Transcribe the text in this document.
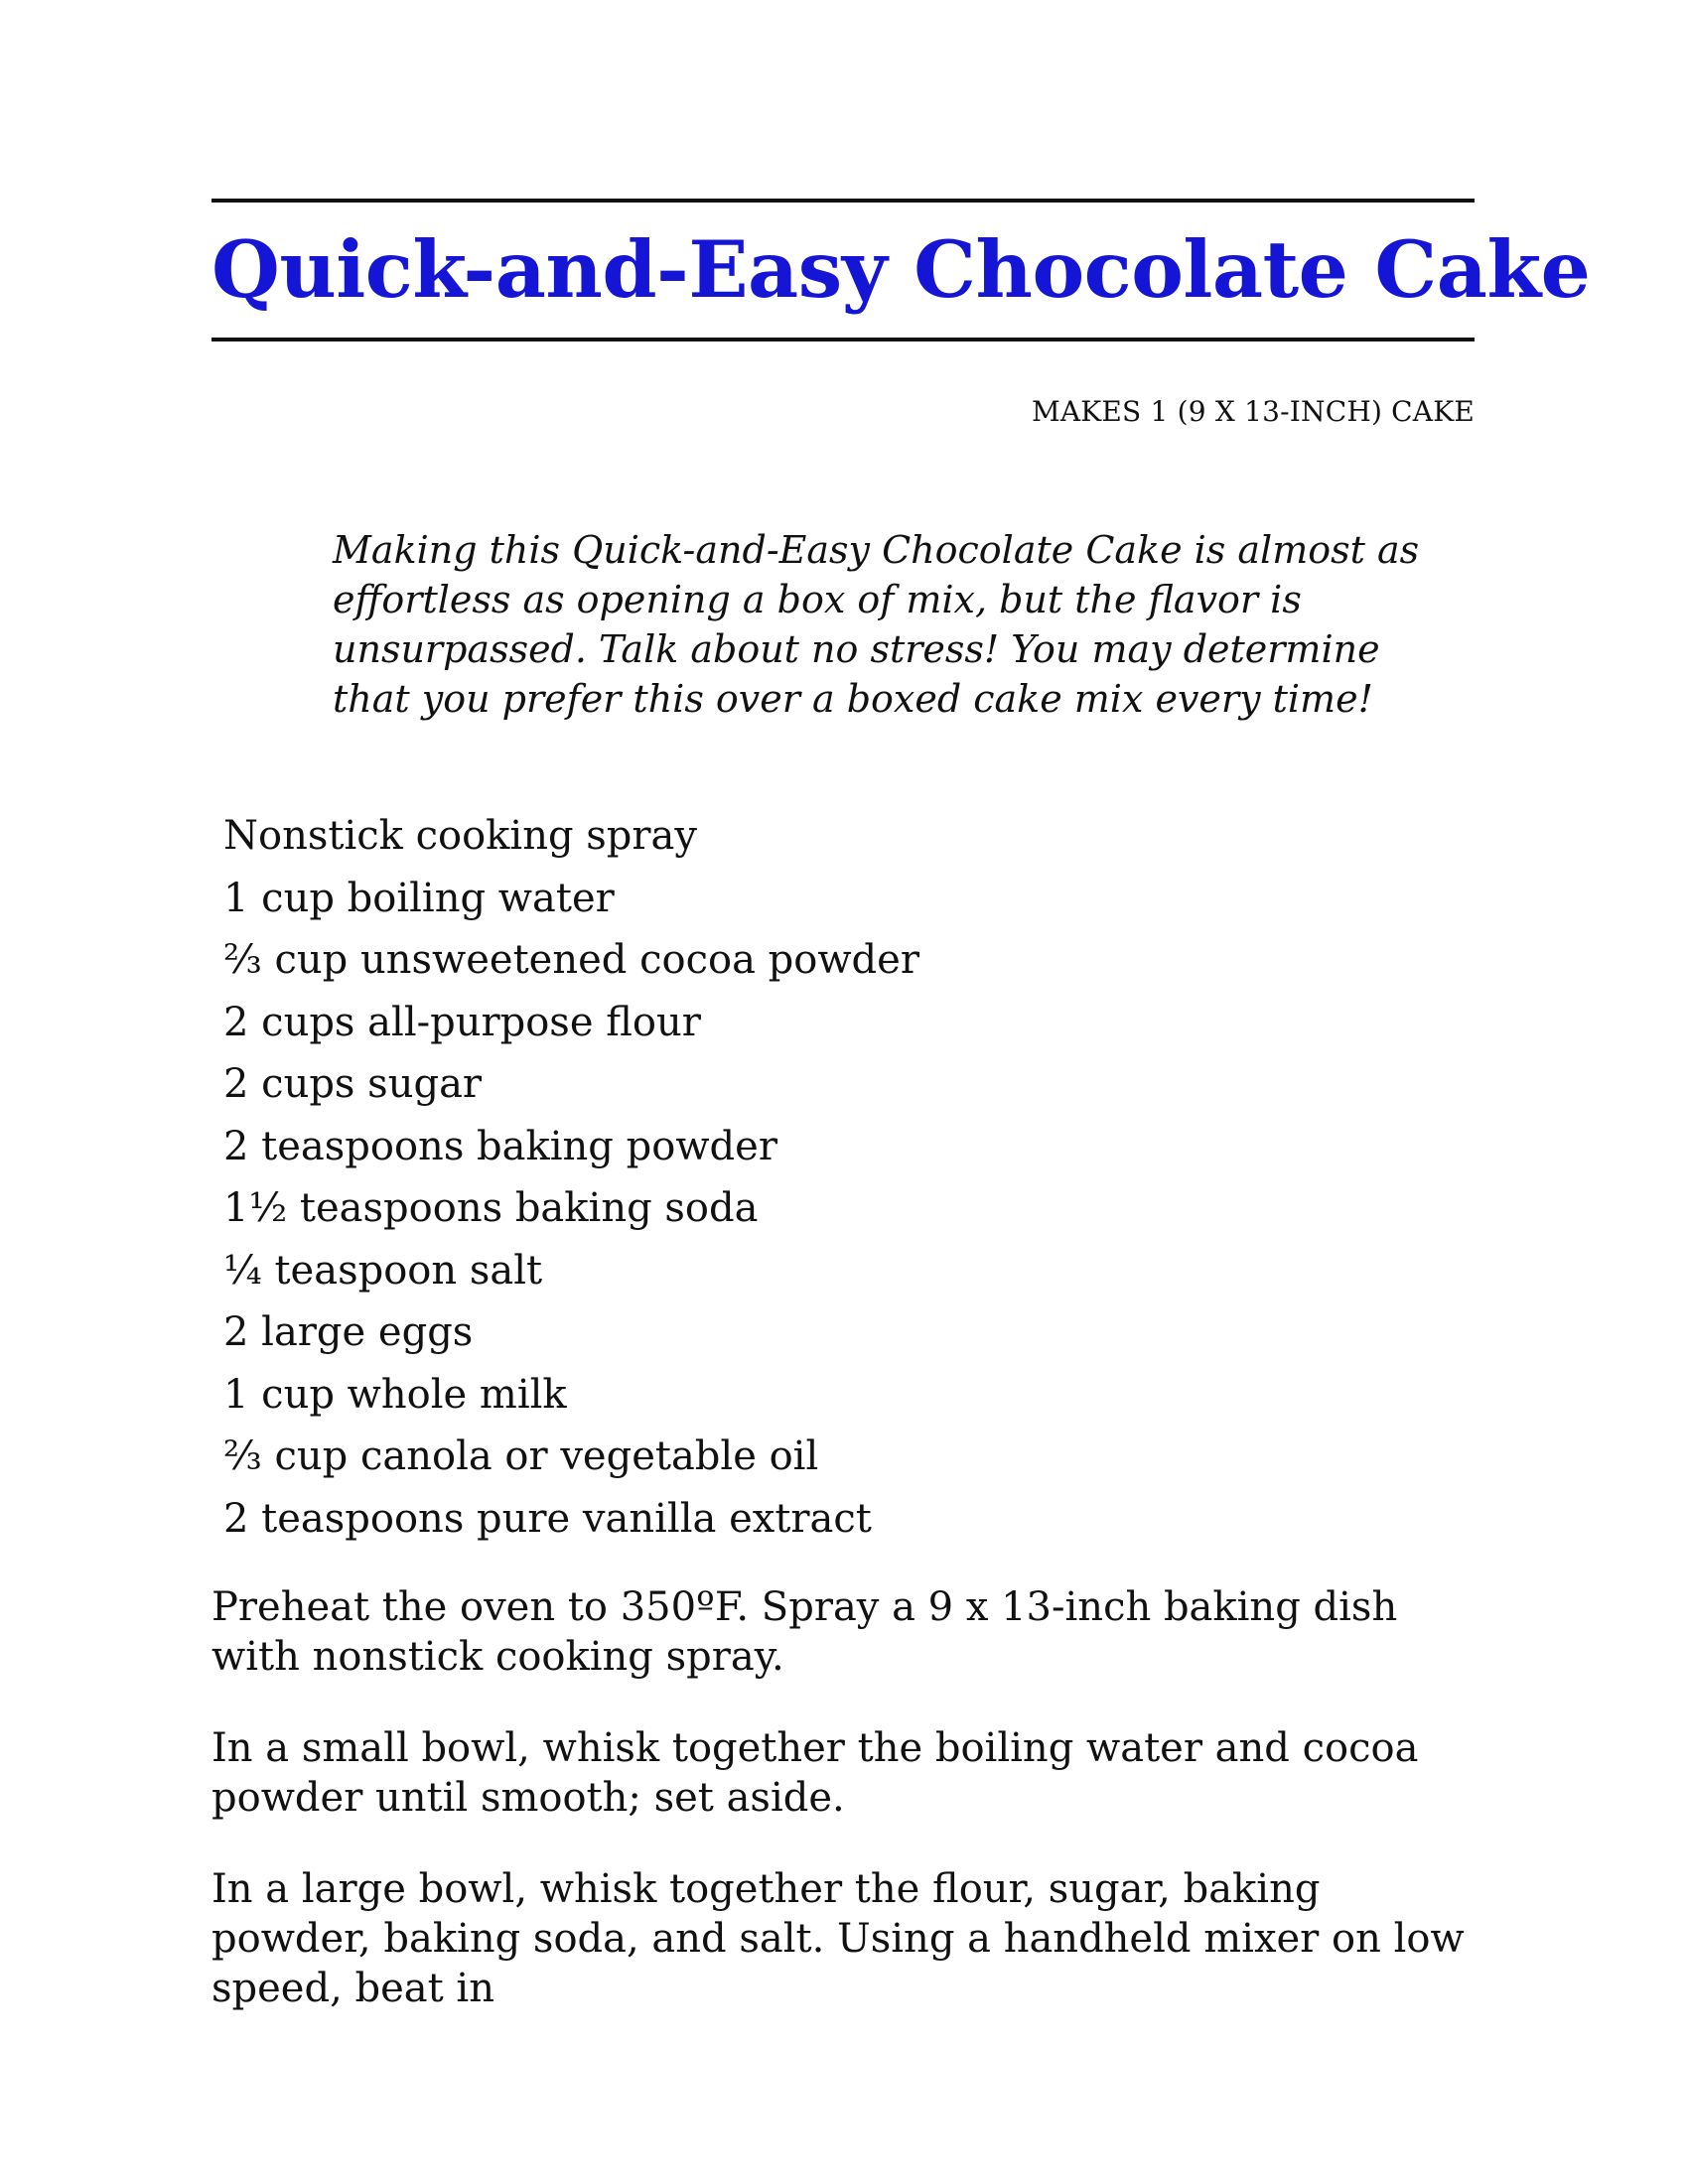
Quick-and-Easy Chocolate Cake
MAKES 1 (9 X 13-INCH) CAKE

Making this Quick-and-Easy Chocolate Cake is almost as effortless as opening a box of mix, but the flavor is unsurpassed. Talk about no stress! You may determine that you prefer this over a boxed cake mix every time!

Nonstick cooking spray
1 cup boiling water
⅔ cup unsweetened cocoa powder
2 cups all-purpose flour
2 cups sugar
2 teaspoons baking powder
1½ teaspoons baking soda
¼ teaspoon salt
2 large eggs
1 cup whole milk
⅔ cup canola or vegetable oil
2 teaspoons pure vanilla extract

Preheat the oven to 350ºF. Spray a 9 x 13-inch baking dish with nonstick cooking spray.

In a small bowl, whisk together the boiling water and cocoa powder until smooth; set aside.

In a large bowl, whisk together the flour, sugar, baking powder, baking soda, and salt. Using a handheld mixer on low speed, beat in
